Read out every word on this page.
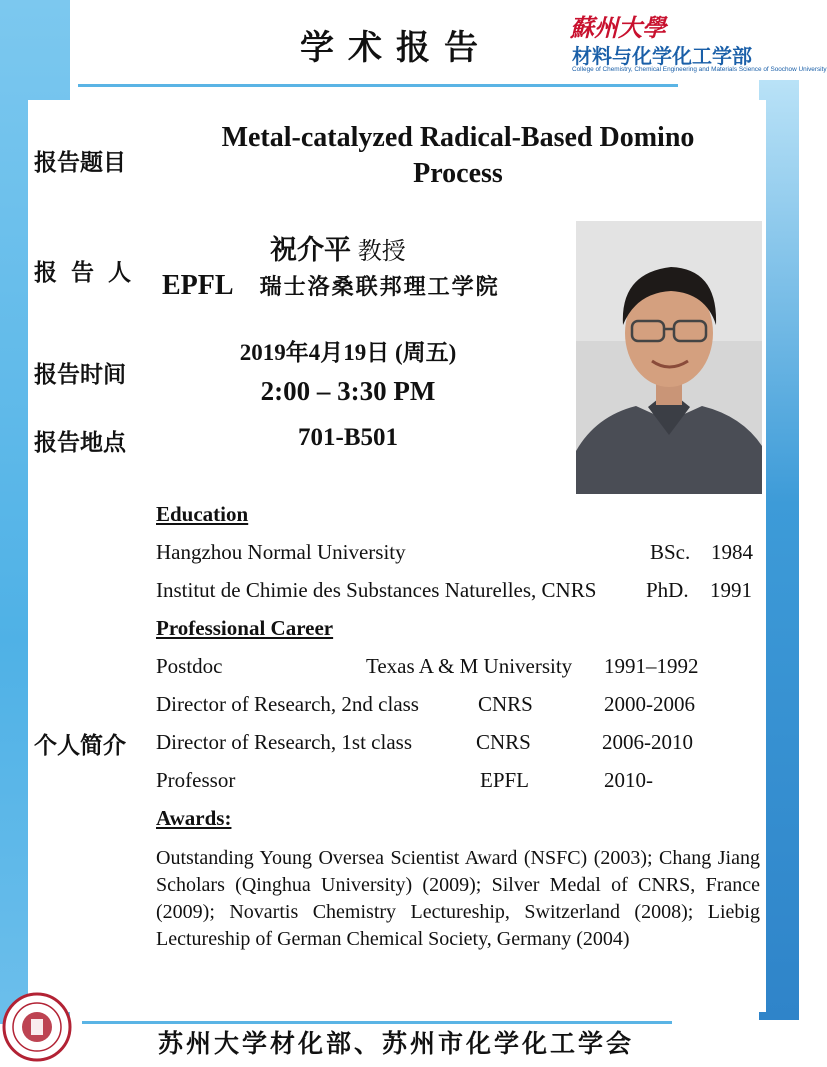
学术报告
蘇州大學
材料与化学化工学部
College of Chemistry, Chemical Engineering and Materials Science of Soochow University
报告题目
报告人
报告时间
报告地点
个人简介
Metal-catalyzed Radical-Based Domino
Process
祝介平 教授
EPFL 瑞士洛桑联邦理工学院
2019年4月19日 (周五)
2:00 – 3:30 PM
701-B501
Education
Hangzhou Normal University	BSc. 1984
Institut de Chimie des Substances Naturelles, CNRS PhD. 1991
Professional Career
Postdoc	Texas A & M University 1991–1992
Director of Research, 2nd class	CNRS	2000-2006
Director of Research, 1st class	CNRS	2006-2010
Professor	EPFL	2010-
Awards:
Outstanding Young Oversea Scientist Award (NSFC) (2003); Chang Jiang Scholars (Qinghua University) (2009); Silver Medal of CNRS, France (2009); Novartis Chemistry Lectureship, Switzerland (2008); Liebig Lectureship of German Chemical Society, Germany (2004)
苏州大学材化部、苏州市化学化工学会
